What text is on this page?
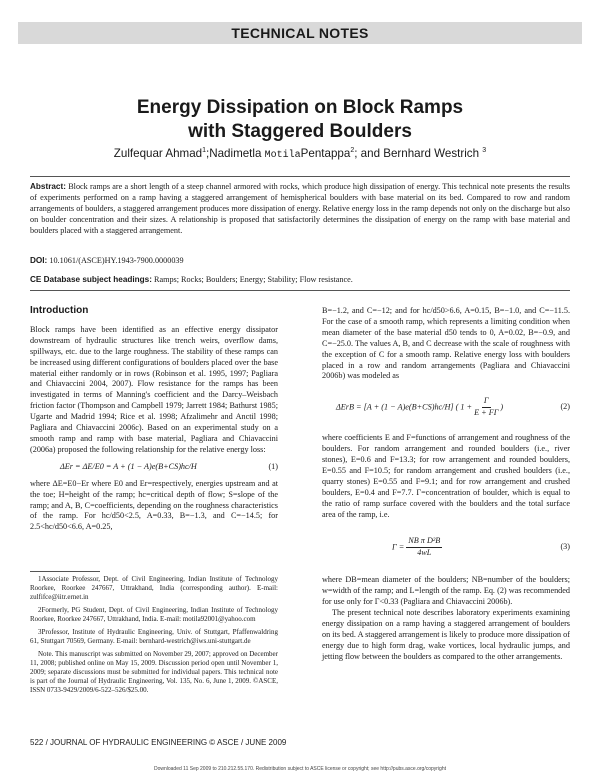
TECHNICAL NOTES
Energy Dissipation on Block Ramps
with Staggered Boulders
Zulfequar Ahmad$^1$;Nadimetla MotilaPentappa$^2$; and Bernhard Westrich $^3$
Abstract: Block ramps are a short length of a steep channel armored with rocks, which produce high dissipation of energy. This technical note presents the results of experiments performed on a ramp having a staggered arrangement of hemispherical boulders with base material on its bed. Compared to row and random arrangements of boulders, a staggered arrangement produces more dissipation of energy. Relative energy loss in the ramp depends not only on the discharge but also on boulder concentration and their sizes. A relationship is proposed that satisfactorily determines the dissipation of energy on the ramp with base material and boulders placed with a staggered arrangement.
DOI: 10.1061/(ASCE)HY.1943-7900.0000039
CE Database subject headings: Ramps; Rocks; Boulders; Energy; Stability; Flow resistance.
Introduction

Block ramps have been identified as an effective energy dissipator downstream of hydraulic structures like trench weirs, overflow dams, spillways, etc. due to the large roughness. The stability of these ramps can be increased using different configurations of boulders placed over the base material either randomly or in rows (Robinson et al. 1995, 1997; Pagliara and Chiavaccini 2004, 2007). Flow resistance for the ramps has been investigated in terms of Manning's coefficient and the Darcy–Weisbach friction factor (Thompson and Campbell 1979; Jarrett 1984; Bathurst 1985; Ugarte and Madrid 1994; Rice et al. 1998; Afzalimehr and Anctil 1998; Pagliara and Chiavaccini 2006c). Based on an experimental study on a smooth ramp and ramp with base material, Pagliara and Chiavaccini (2006a) proposed the following relationship for the relative energy loss:

ΔEr = ΔE/E0 = A + (1 − A)e(B+CS)hc/H	(1)

where ΔE=E0−Er where E0 and Er=respectively, energies upstream and at the toe; H=height of the ramp; hc=critical depth of flow; S=slope of the ramp; and A, B, C=coefficients, depending on the roughness characteristics of the ramp. For hc/d50<2.5, A=0.33, B=−1.3, and C=−14.5; for 2.5<hc/d50<6.6, A=0.25,

1Associate Professor, Dept. of Civil Engineering, Indian Institute of Technology Roorkee, Roorkee 247667, Uttrakhand, India (corresponding author). E-mail: zulfifce@iitr.ernet.in

2Formerly, PG Student, Dept. of Civil Engineering, Indian Institute of Technology Roorkee, Roorkee 247667, Uttrakhand, India. E-mail: motila92001@yahoo.com

3Professor, Institute of Hydraulic Engineering, Univ. of Stuttgart, Pfaffenwaldring 61, Stuttgart 70569, Germany. E-mail: bernhard-westrich@iws.uni-stuttgart.de

Note. This manuscript was submitted on November 29, 2007; approved on December 11, 2008; published online on May 15, 2009. Discussion period open until November 1, 2009; separate discussions must be submitted for individual papers. This technical note is part of the Journal of Hydraulic Engineering, Vol. 135, No. 6, June 1, 2009. ©ASCE, ISSN 0733-9429/2009/6-522–526/$25.00.

B=−1.2, and C=−12; and for hc/d50>6.6, A=0.15, B=−1.0, and C=−11.5. For the case of a smooth ramp, which represents a limiting condition when mean diameter of the base material d50 tends to 0, A=0.02, B=−0.9, and C=−25.0. The values A, B, and C decrease with the scale of roughness with the exception of C for a smooth ramp. Relative energy loss with boulders placed in a row and random arrangements (Pagliara and Chiavaccini 2006b) was modeled as

ΔErB = [A + (1 − A)e(B+CS)hc/H] ( $1 + \frac{\Gamma}{E + F\Gamma}$ )	(2)

where coefficients E and F=functions of arrangement and roughness of the boulders. For random arrangement and rounded boulders (i.e., river stones), E=0.6 and F=13.3; for row arrangement and rounded boulders, E=0.55 and F=10.5; for random arrangement and crushed boulders (i.e., quarry stones) E=0.55 and F=9.1; and for row arrangement and crushed boulders, E=0.4 and F=7.7. Γ=concentration of boulder, which is equal to the ratio of ramp surface covered with the boulders and the total surface area of the ramp, i.e.

$\Gamma = \frac{\text{NB π D²B}}{4wL}$	(3)

where DB=mean diameter of the boulders; NB=number of the boulders; w=width of the ramp; and L=length of the ramp. Eq. (2) was recommended for use only for Γ<0.33 (Pagliara and Chiavaccini 2006b).

The present technical note describes laboratory experiments examining energy dissipation on a ramp having a staggered arrangement of boulders on its bed. A staggered arrangement is likely to produce more dissipation of energy due to high form drag, wake vortices, local hydraulic jumps, and jetting flow between the boulders as compared to the other arrangements.

522 / JOURNAL OF HYDRAULIC ENGINEERING © ASCE / JUNE 2009
Downloaded 11 Sep 2009 to 210.212.55.170. Redistribution subject to ASCE license or copyright; see http://pubs.asce.org/copyright
